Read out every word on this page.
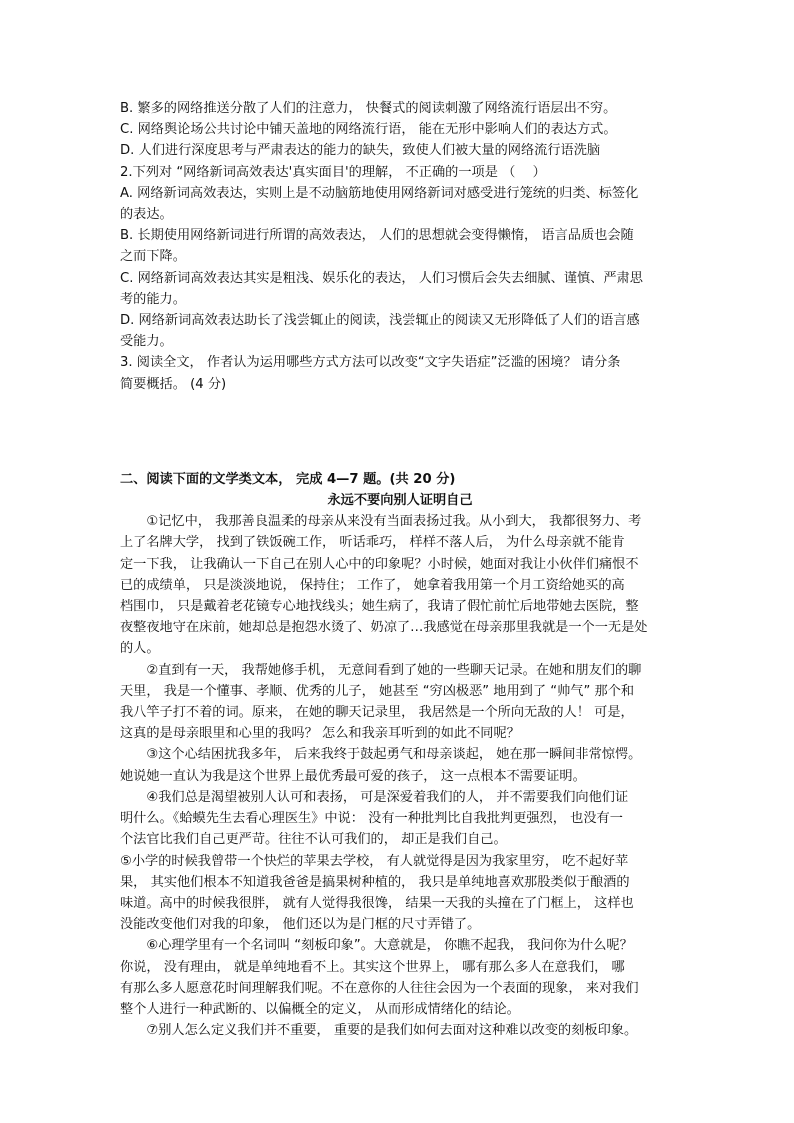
B. 繁多的网络推送分散了人们的注意力， 快餐式的阅读刺激了网络流行语层出不穷。

C. 网络舆论场公共讨论中铺天盖地的网络流行语， 能在无形中影响人们的表达方式。

D. 人们进行深度思考与严肃表达的能力的缺失，致使人们被大量的网络流行语洗脑

2.下列对 “网络新词高效表达'真实面目'的理解， 不正确的一项是 （　 ）

A. 网络新词高效表达，实则上是不动脑筋地使用网络新词对感受进行笼统的归类、标签化

的表达。

B. 长期使用网络新词进行所谓的高效表达， 人们的思想就会变得懒惰， 语言品质也会随

之而下降。

C. 网络新词高效表达其实是粗浅、娱乐化的表达， 人们习惯后会失去细腻、谨慎、严肃思

考的能力。

D. 网络新词高效表达助长了浅尝辄止的阅读，浅尝辄止的阅读又无形降低了人们的语言感

受能力。

3. 阅读全文， 作者认为运用哪些方式方法可以改变“文字失语症”泛滥的困境？ 请分条

简要概括。 (4 分)

二、阅读下面的文学类文本， 完成 4—7 题。(共 20 分)

永远不要向别人证明自己

　　①记忆中， 我那善良温柔的母亲从来没有当面表扬过我。从小到大， 我都很努力、考

上了名牌大学， 找到了铁饭碗工作， 听话乖巧， 样样不落人后， 为什么母亲就不能肯

定一下我， 让我确认一下自己在别人心中的印象呢？小时候，她面对我让小伙伴们痛恨不

已的成绩单， 只是淡淡地说， 保持住； 工作了， 她拿着我用第一个月工资给她买的高

档围巾， 只是戴着老花镜专心地找线头；她生病了，我请了假忙前忙后地带她去医院，整

夜整夜地守在床前，她却总是抱怨水烫了、奶凉了…我感觉在母亲那里我就是一个一无是处

的人。

　　②直到有一天， 我帮她修手机， 无意间看到了她的一些聊天记录。在她和朋友们的聊

天里， 我是一个懂事、孝顺、优秀的儿子， 她甚至 “穷凶极恶” 地用到了 “帅气” 那个和

我八竿子打不着的词。原来， 在她的聊天记录里， 我居然是一个所向无敌的人！ 可是，

这真的是母亲眼里和心里的我吗？ 怎么和我亲耳听到的如此不同呢？

　　③这个心结困扰我多年， 后来我终于鼓起勇气和母亲谈起， 她在那一瞬间非常惊愕。

她说她一直认为我是这个世界上最优秀最可爱的孩子， 这一点根本不需要证明。

　　④我们总是渴望被别人认可和表扬， 可是深爱着我们的人， 并不需要我们向他们证

明什么。《蛤蟆先生去看心理医生》中说： 没有一种批判比自我批判更强烈， 也没有一

个法官比我们自己更严苛。往往不认可我们的， 却正是我们自己。

⑤小学的时候我曾带一个快烂的苹果去学校， 有人就觉得是因为我家里穷， 吃不起好苹

果， 其实他们根本不知道我爸爸是搞果树种植的， 我只是单纯地喜欢那股类似于酿酒的

味道。高中的时候我很胖， 就有人觉得我很馋， 结果一天我的头撞在了门框上， 这样也

没能改变他们对我的印象， 他们还以为是门框的尺寸弄错了。

　　⑥心理学里有一个名词叫 “刻板印象”。大意就是， 你瞧不起我， 我问你为什么呢？

你说， 没有理由， 就是单纯地看不上。其实这个世界上， 哪有那么多人在意我们， 哪

有那么多人愿意花时间理解我们呢。不在意你的人往往会因为一个表面的现象， 来对我们

整个人进行一种武断的、以偏概全的定义， 从而形成情绪化的结论。

　　⑦别人怎么定义我们并不重要， 重要的是我们如何去面对这种难以改变的刻板印象。
